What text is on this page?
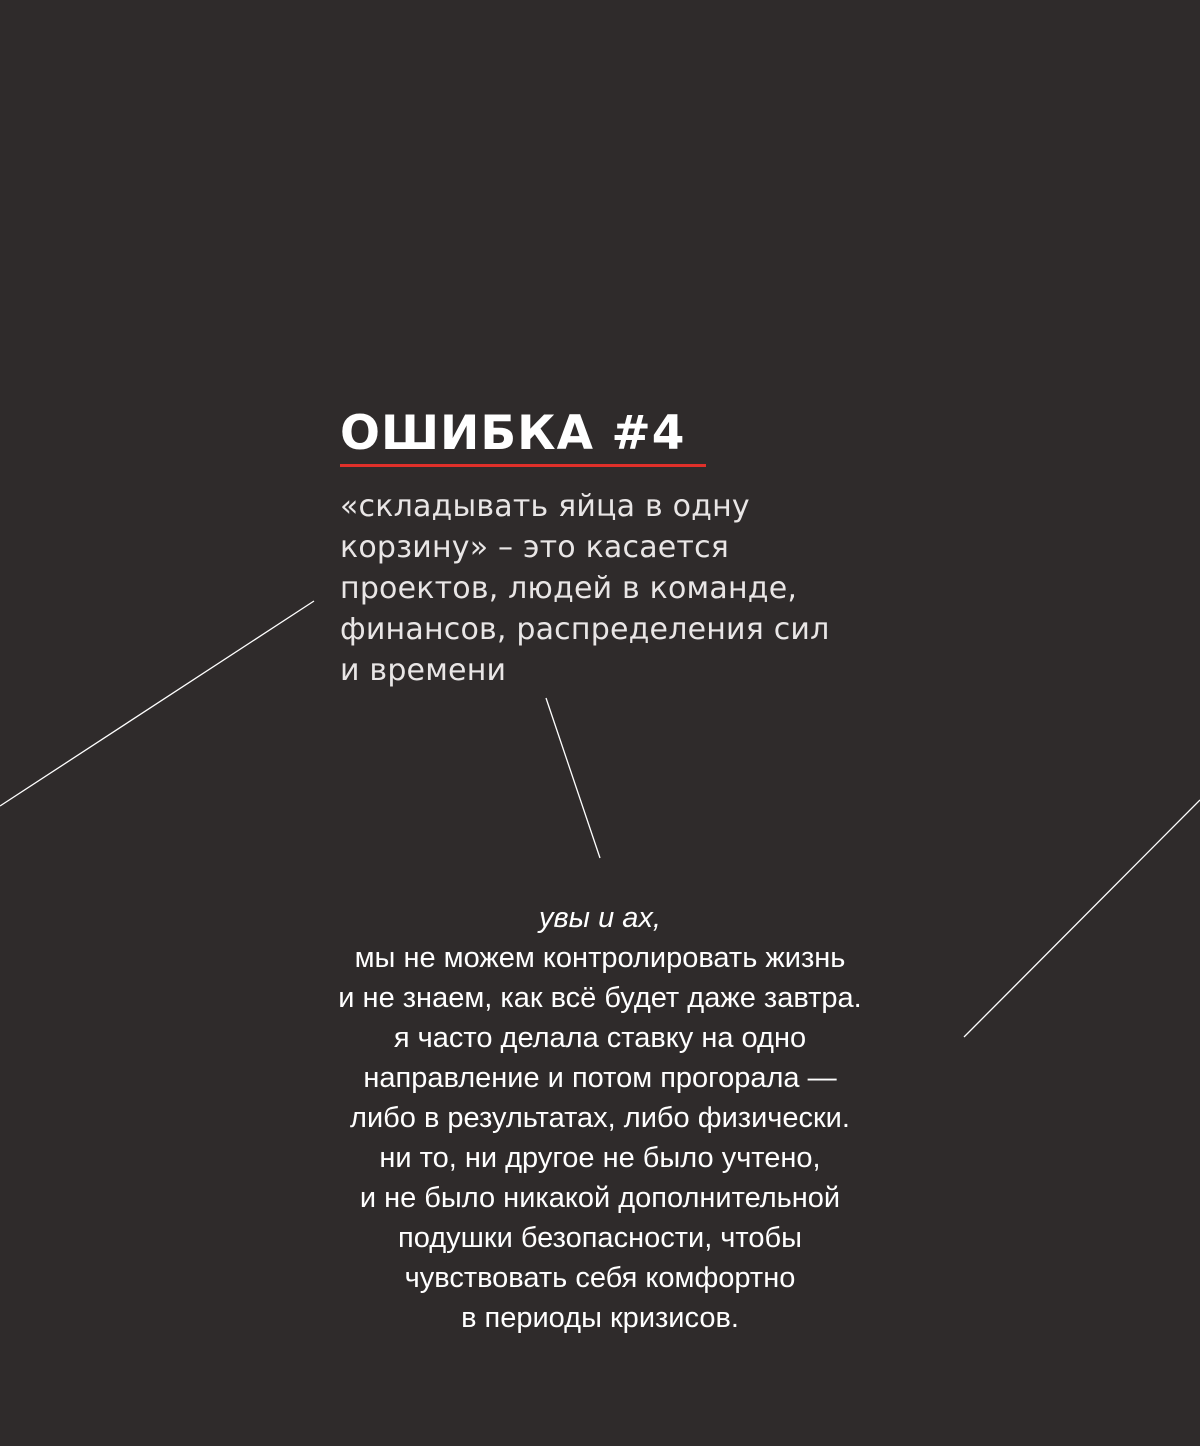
ОШИБКА #4

«складывать яйца в одну
корзину» – это касается
проектов, людей в команде,
финансов, распределения сил
и времени

увы и ах,
мы не можем контролировать жизнь
и не знаем, как всё будет даже завтра.
я часто делала ставку на одно
направление и потом прогорала —
либо в результатах, либо физически.
ни то, ни другое не было учтено,
и не было никакой дополнительной
подушки безопасности, чтобы
чувствовать себя комфортно
в периоды кризисов.
